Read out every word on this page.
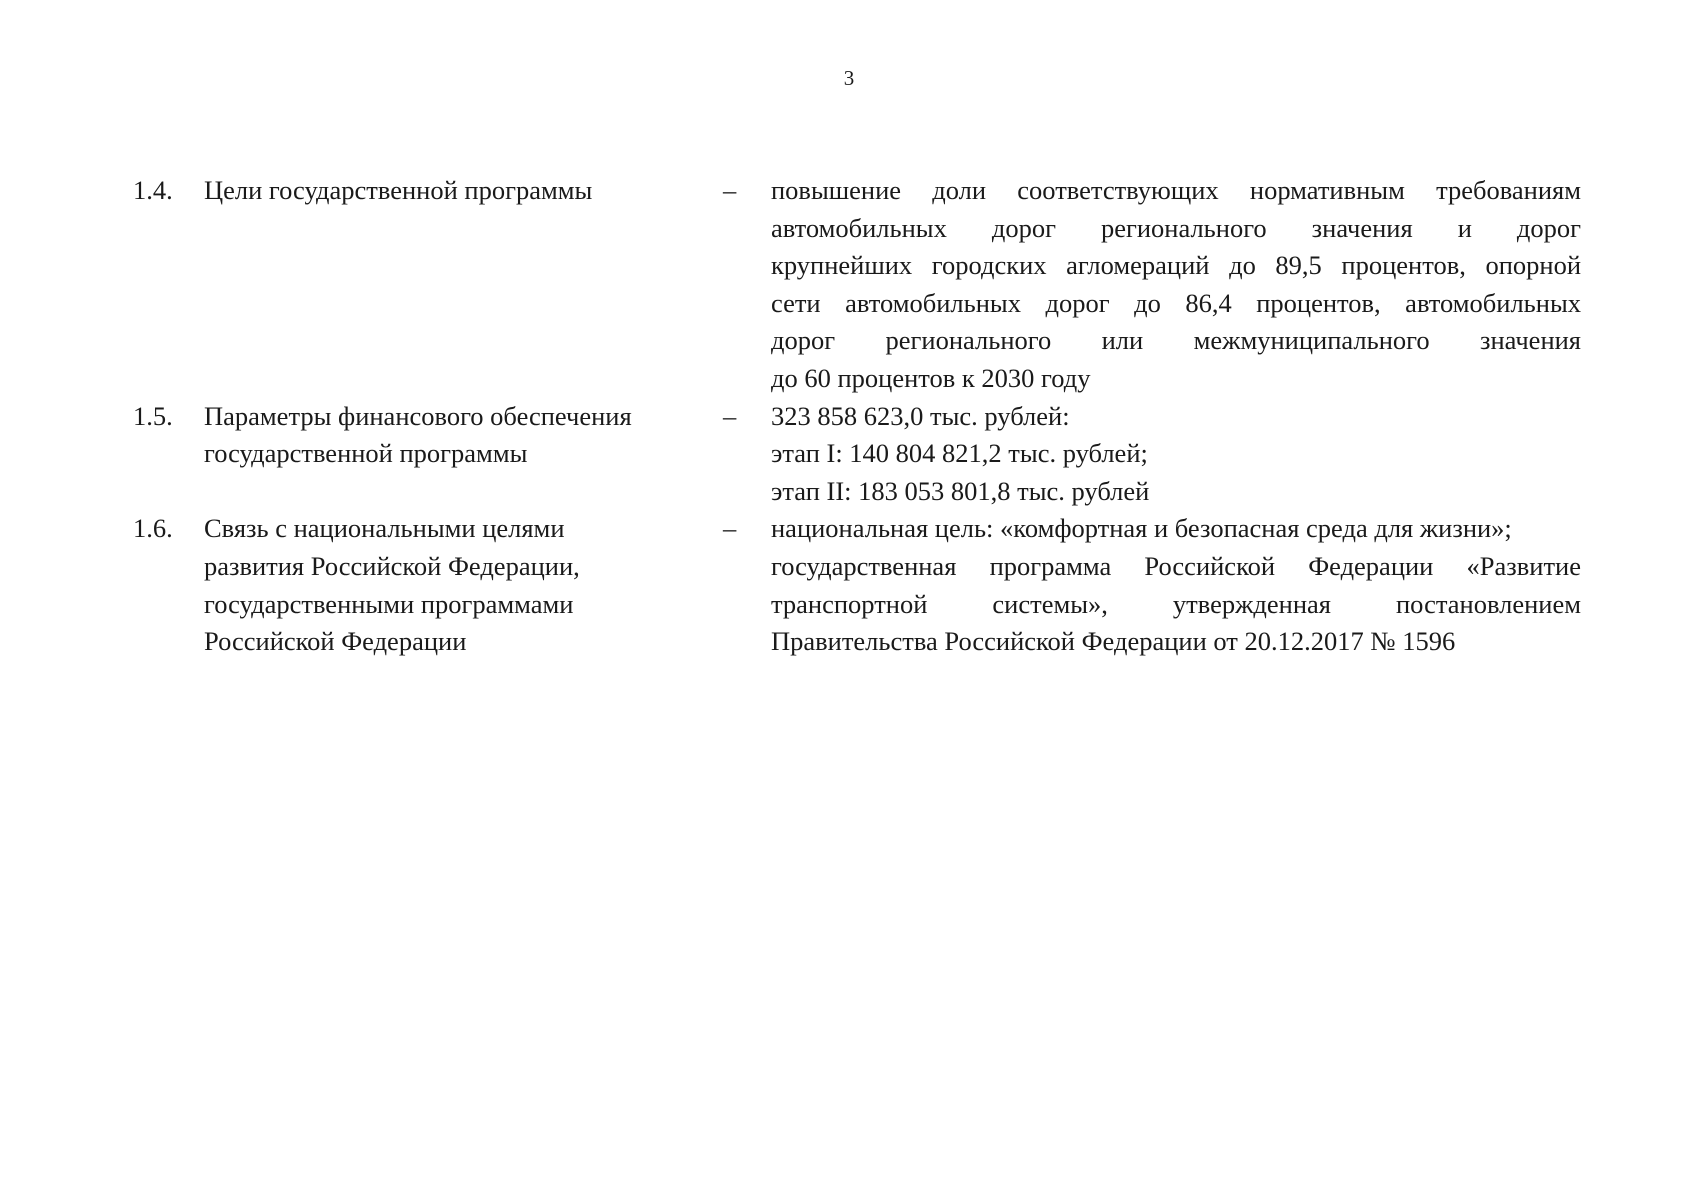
3
1.4. Цели государственной программы	– повышение доли соответствующих нормативным требованиям
автомобильных дорог регионального значения и дорог
крупнейших городских агломераций до 89,5 процентов, опорной
сети автомобильных дорог до 86,4 процентов, автомобильных
дорог регионального или межмуниципального значения
до 60 процентов к 2030 году
1.5. Параметры финансового обеспечения
государственной программы
– 323 858 623,0 тыс. рублей:
этап I: 140 804 821,2 тыс. рублей;
этап II: 183 053 801,8 тыс. рублей
1.6. Связь с национальными целями
развития Российской Федерации,
государственными программами
Российской Федерации
– национальная цель: «комфортная и безопасная среда для жизни»;
государственная программа Российской Федерации «Развитие
транспортной системы», утвержденная постановлением
Правительства Российской Федерации от 20.12.2017 № 1596
